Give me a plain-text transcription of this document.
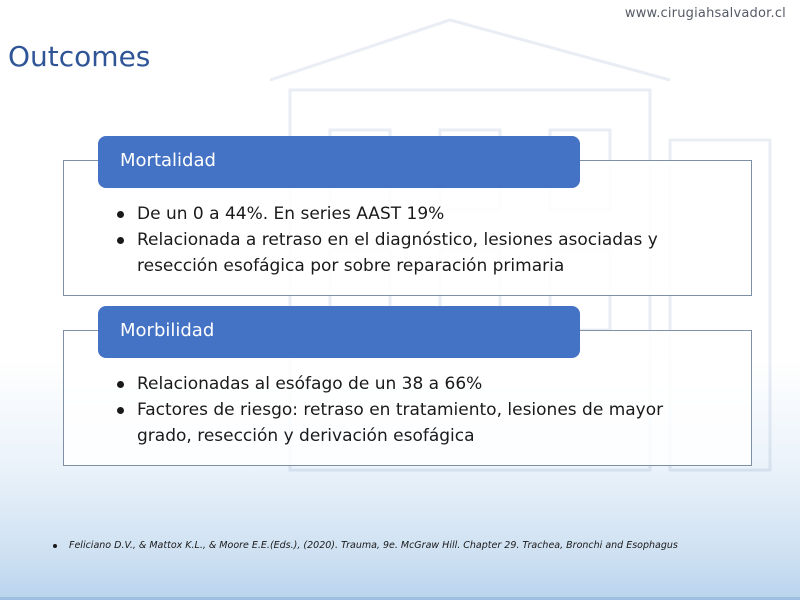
www.cirugiahsalvador.cl
Outcomes
Mortalidad
De un 0 a 44%. En series AAST 19%
Relacionada a retraso en el diagnóstico, lesiones asociadas y resección esofágica por sobre reparación primaria
Morbilidad
Relacionadas al esófago de un 38 a 66%
Factores de riesgo: retraso en tratamiento, lesiones de mayor grado, resección y derivación esofágica
Feliciano D.V., & Mattox K.L., & Moore E.E.(Eds.), (2020). Trauma, 9e. McGraw Hill. Chapter 29. Trachea, Bronchi and Esophagus
